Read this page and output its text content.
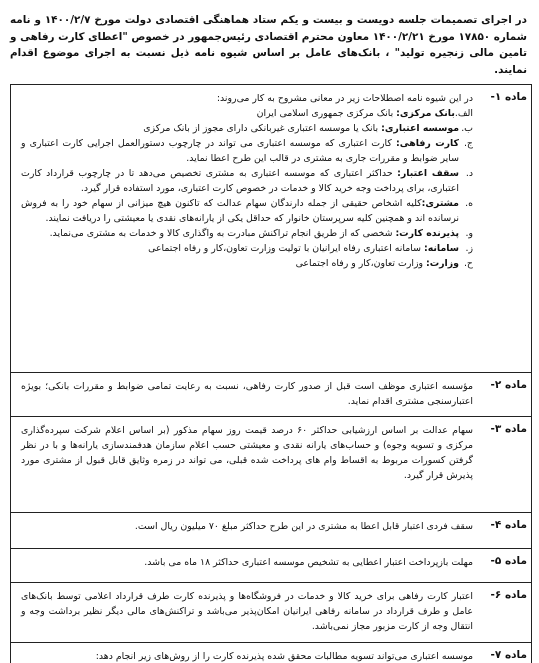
در اجرای تصمیمات جلسه دویست و بیست و یکم ستاد هماهنگی اقتصادی دولت مورخ ۱۴۰۰/۲/۷ و نامه شماره ۱۷۸۵۰ مورخ ۱۴۰۰/۲/۲۱ معاون محترم اقتصادی رئیس‌جمهور در خصوص "اعطای کارت رفاهی و تامین مالی زنجیره تولید" ، بانک‌های عامل بر اساس شیوه نامه ذیل نسبت به اجرای موضوع اقدام نمایند.
ماده ۱-
در این شیوه نامه اصطلاحات زیر در معانی مشروح به کار می‌روند:
الف.
بانک مرکزی: بانک مرکزی جمهوری اسلامی ایران
ب.
موسسه اعتباری: بانک یا موسسه اعتباری غیربانکی دارای مجوز از بانک مرکزی
ج.
کارت رفاهی: کارت اعتباری که موسسه اعتباری می تواند در چارچوب دستورالعمل اجرایی کارت اعتباری و سایر ضوابط و مقررات جاری به مشتری در قالب این طرح اعطا نماید.
د.
سقف اعتبار: حداکثر اعتباری که موسسه اعتباری به مشتری تخصیص می‌دهد تا در چارچوب قرارداد کارت اعتباری، برای پرداخت وجه خرید کالا و خدمات در خصوص کارت اعتباری، مورد استفاده قرار گیرد.
ه.
مشتری:کلیه اشخاص حقیقی از جمله دارندگان سهام عدالت که تاکنون هیچ میزانی از سهام خود را به فروش نرسانده اند و همچنین کلیه سرپرستان خانوار که حداقل یکی از یارانه‌های نقدی یا معیشتی را دریافت نمایند.
و.
پذیرنده کارت: شخصی که از طریق انجام تراکنش مبادرت به واگذاری کالا و خدمات به مشتری می‌نماید.
ز.
سامانه: سامانه اعتباری رفاه ایرانیان با تولیت وزارت تعاون،کار و رفاه اجتماعی
ح.
وزارت: وزارت تعاون،کار و رفاه اجتماعی
ماده ۲-
مؤسسه اعتباری موظف است قبل از صدور کارت رفاهی، نسبت به رعایت تمامی ضوابط و مقررات بانکی؛ بویژه اعتبارسنجی مشتری اقدام نماید.
ماده ۳-
سهام عدالت بر اساس ارزشیابی حداکثر ۶۰ درصد قیمت روز سهام مذکور (بر اساس اعلام شرکت سپرده‌گذاری مرکزی و تسویه وجوه) و حساب‌های یارانه نقدی و معیشتی حسب اعلام سازمان هدفمندسازی یارانه‌ها و با در نظر گرفتن کسورات مربوط به اقساط وام های پرداخت شده قبلی، می تواند در زمره وثایق قابل قبول از مشتری مورد پذیرش قرار گیرد.
ماده ۴-
سقف فردی اعتبار قابل اعطا به مشتری در این طرح حداکثر مبلغ ۷۰ میلیون ریال است.
ماده ۵-
مهلت بازپرداخت اعتبار اعطایی به تشخیص موسسه اعتباری حداکثر ۱۸ ماه می باشد.
ماده ۶-
اعتبار کارت رفاهی برای خرید کالا و خدمات در فروشگاه‌ها و پذیرنده کارت طرف قرارداد اعلامی توسط بانک‌های عامل و طرف قرارداد در سامانه رفاهی ایرانیان امکان‌پذیر می‌باشد و تراکنش‌های مالی دیگر نظیر برداشت وجه و انتقال وجه از کارت مزبور مجاز نمی‌باشد.
ماده ۷-
موسسه اعتباری می‌تواند تسویه مطالبات محقق شده پذیرنده کارت را از روش‌های زیر انجام دهد:
